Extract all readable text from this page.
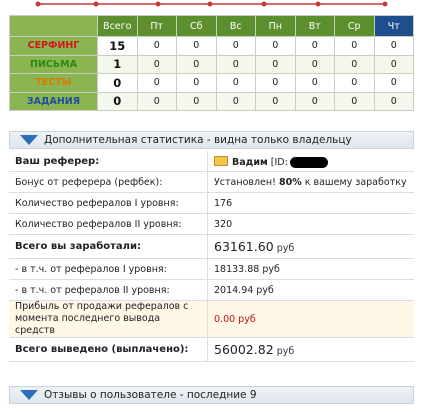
	Всего	Пт	Сб	Вс	Пн	Вт	Ср	Чт
СЕРФИНГ	15	0	0	0	0	0	0	0
ПИСЬМА	1	0	0	0	0	0	0	0
ТЕСТЫ	0	0	0	0	0	0	0	0
ЗАДАНИЯ	0	0	0	0	0	0	0	0
Дополнительная статистика - видна только владельцу
Ваш реферер:	Вадим [ID:
Бонус от реферера (рефбек):	Установлен! 80% к вашему заработку
Количество рефералов I уровня:	176
Количество рефералов II уровня:	320
Всего вы заработали:	63161.60 руб
- в т.ч. от рефералов I уровня:	18133.88 руб
- в т.ч. от рефералов II уровня:	2014.94 руб
Прибыль от продажи рефералов с
момента последнего вывода средств	0.00 руб
Всего выведено (выплачено):	56002.82 руб
Отзывы о пользователе - последние 9
